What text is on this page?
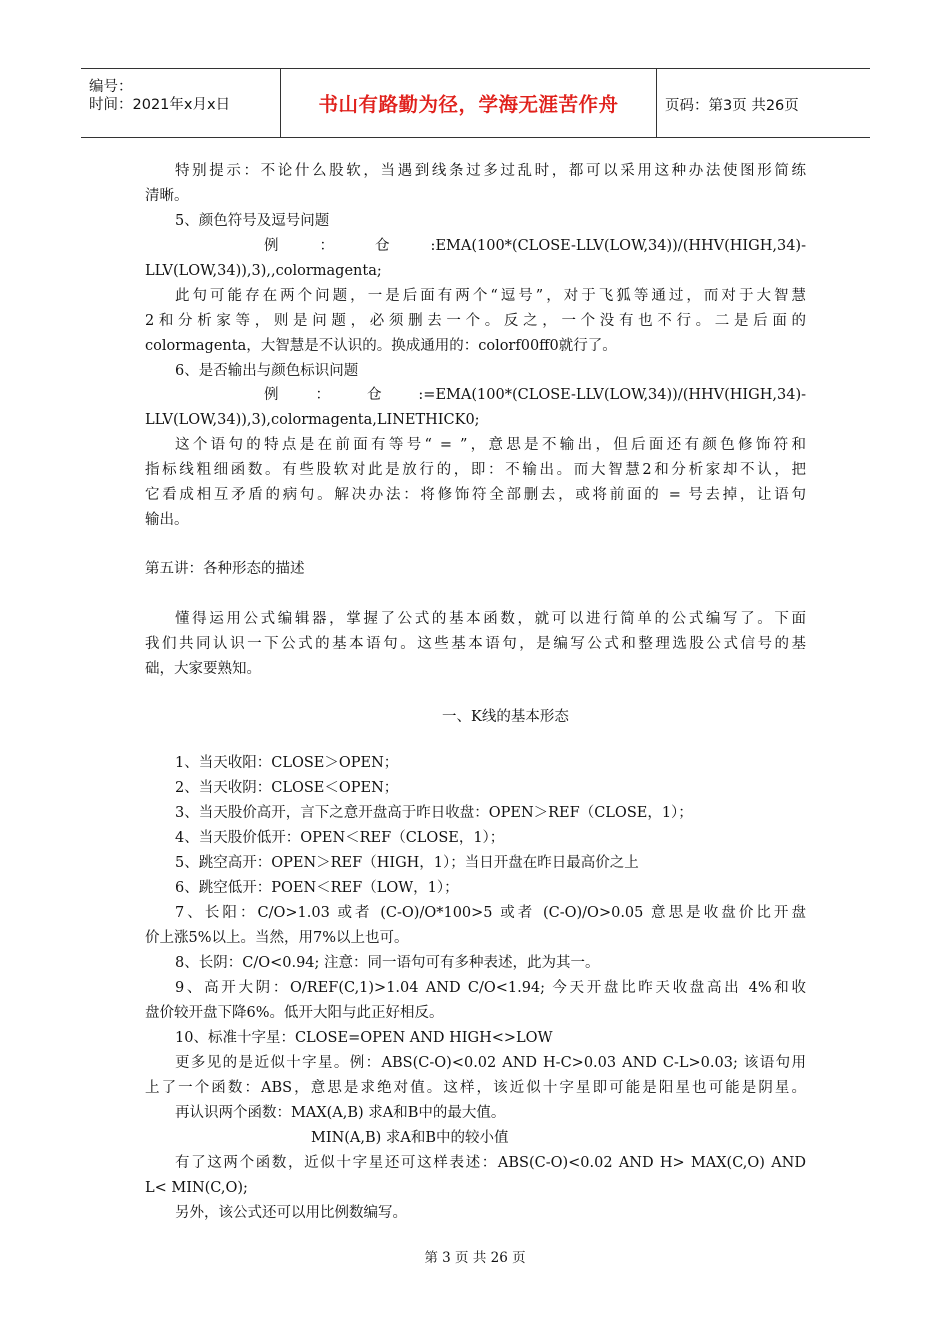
编号：
时间：2021年x月x日	书山有路勤为径，学海无涯苦作舟	页码：第3页 共26页
特别提示：不论什么股软，当遇到线条过多过乱时，都可以采用这种办法使图形简练
清晰。
5、颜色符号及逗号问题
例 ： 仓 :EMA(100*(CLOSE-LLV(LOW,34))/(HHV(HIGH,34)-
LLV(LOW,34)),3),,colormagenta;
此句可能存在两个问题，一是后面有两个“逗号”，对于飞狐等通过，而对于大智慧
2 和 分 析 家 等 ， 则 是 问 题 ， 必 须 删 去 一 个 。 反 之 ， 一 个 没 有 也 不 行 。 二 是 后 面 的
colormagenta，大智慧是不认识的。换成通用的：colorf00ff0就行了。
6、是否输出与颜色标识问题
例 ： 仓 :=EMA(100*(CLOSE-LLV(LOW,34))/(HHV(HIGH,34)-
LLV(LOW,34)),3),colormagenta,LINETHICK0;
这个语句的特点是在前面有等号“ = ”，意思是不输出，但后面还有颜色修饰符和
指标线粗细函数。有些股软对此是放行的，即：不输出。而大智慧2和分析家却不认，把
它看成相互矛盾的病句。解决办法：将修饰符全部删去，或将前面的 = 号去掉，让语句
输出。
第五讲：各种形态的描述
懂得运用公式编辑器，掌握了公式的基本函数，就可以进行简单的公式编写了。下面
我们共同认识一下公式的基本语句。这些基本语句，是编写公式和整理选股公式信号的基
础，大家要熟知。
一、K线的基本形态
1、当天收阳：CLOSE＞OPEN；
2、当天收阴：CLOSE＜OPEN；
3、当天股价高开，言下之意开盘高于昨日收盘：OPEN＞REF（CLOSE，1）；
4、当天股价低开：OPEN＜REF（CLOSE，1）；
5、跳空高开：OPEN＞REF（HIGH，1）；当日开盘在昨日最高价之上
6、跳空低开：POEN＜REF（LOW，1）；
7、长阳：C/O>1.03 或者 (C-O)/O*100>5 或者 (C-O)/O>0.05 意思是收盘价比开盘
价上涨5%以上。当然，用7%以上也可。
8、长阴：C/O<0.94; 注意：同一语句可有多种表述，此为其一。
9、高开大阴：O/REF(C,1)>1.04 AND C/O<1.94; 今天开盘比昨天收盘高出 4%和收
盘价较开盘下降6%。低开大阳与此正好相反。
10、标准十字星：CLOSE=OPEN AND HIGH<>LOW
更多见的是近似十字星。例：ABS(C-O)<0.02 AND H-C>0.03 AND C-L>0.03; 该语句用
上了一个函数：ABS，意思是求绝对值。这样，该近似十字星即可能是阳星也可能是阴星。
再认识两个函数：MAX(A,B) 求A和B中的最大值。
MIN(A,B) 求A和B中的较小值
有了这两个函数，近似十字星还可这样表述：ABS(C-O)<0.02 AND H> MAX(C,O) AND
L< MIN(C,O);
另外，该公式还可以用比例数编写。
第 3 页 共 26 页
